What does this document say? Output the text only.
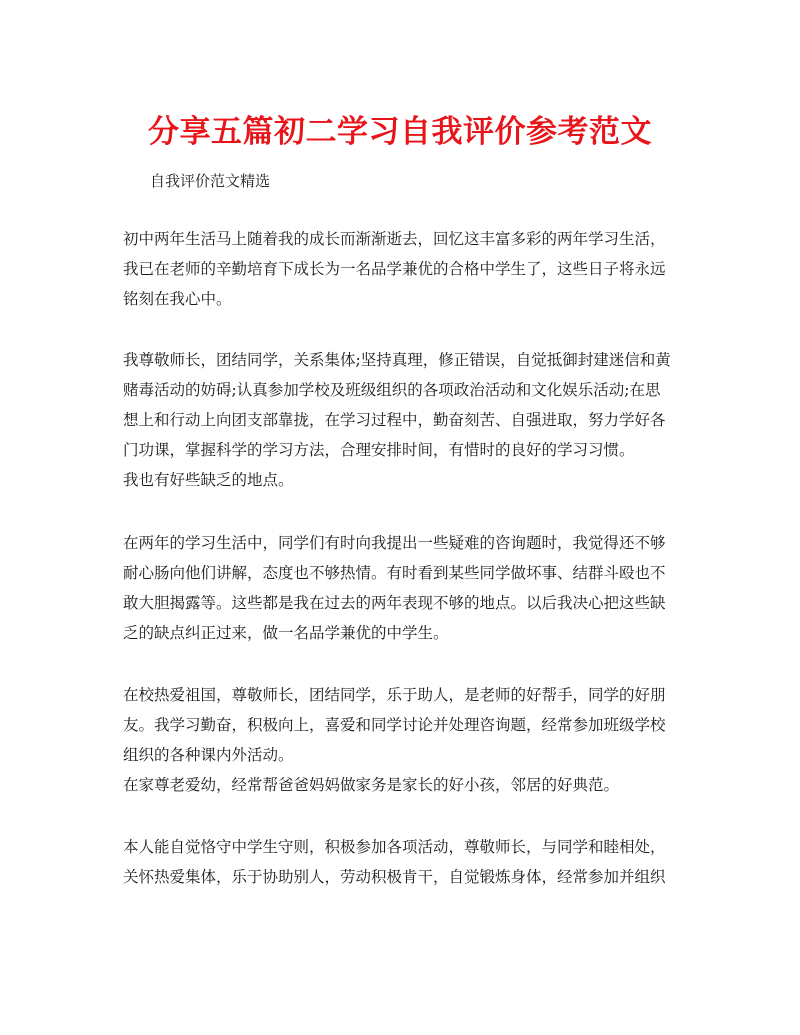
分享五篇初二学习自我评价参考范文
自我评价范文精选
初中两年生活马上随着我的成长而渐渐逝去，回忆这丰富多彩的两年学习生活，
我已在老师的辛勤培育下成长为一名品学兼优的合格中学生了，这些日子将永远
铭刻在我心中。
我尊敬师长，团结同学，关系集体;坚持真理，修正错误，自觉抵御封建迷信和黄
赌毒活动的妨碍;认真参加学校及班级组织的各项政治活动和文化娱乐活动;在思
想上和行动上向团支部靠拢，在学习过程中，勤奋刻苦、自强进取，努力学好各
门功课，掌握科学的学习方法，合理安排时间，有惜时的良好的学习习惯。
我也有好些缺乏的地点。
在两年的学习生活中，同学们有时向我提出一些疑难的咨询题时，我觉得还不够
耐心肠向他们讲解，态度也不够热情。有时看到某些同学做坏事、结群斗殴也不
敢大胆揭露等。这些都是我在过去的两年表现不够的地点。以后我决心把这些缺
乏的缺点纠正过来，做一名品学兼优的中学生。
在校热爱祖国，尊敬师长，团结同学，乐于助人，是老师的好帮手，同学的好朋
友。我学习勤奋，积极向上，喜爱和同学讨论并处理咨询题，经常参加班级学校
组织的各种课内外活动。
在家尊老爱幼，经常帮爸爸妈妈做家务是家长的好小孩，邻居的好典范。
本人能自觉恪守中学生守则，积极参加各项活动，尊敬师长，与同学和睦相处，
关怀热爱集体，乐于协助别人，劳动积极肯干，自觉锻炼身体，经常参加并组织
